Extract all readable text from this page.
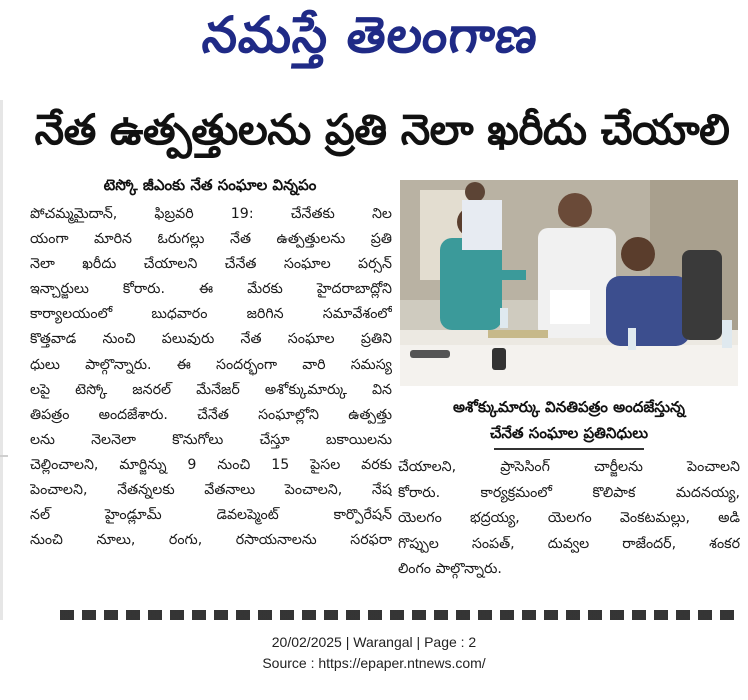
నమస్తే తెలంగాణ
నేత ఉత్పత్తులను ప్రతి నెలా ఖరీదు చేయాలి
టెస్కో జీఎంకు నేత సంఘాల విన్నపం
పోచమ్మమైదాన్, ఫిబ్రవరి 19: చేనేతకు నిల
యంగా మారిన ఓరుగల్లు నేత ఉత్పత్తులను ప్రతి
నెలా ఖరీదు చేయాలని చేనేత సంఘాల పర్సన్
ఇన్చార్జులు కోరారు. ఈ మేరకు హైదరాబాద్లోని
కార్యాలయంలో బుధవారం జరిగిన సమావేశంలో
కొత్తవాడ నుంచి పలువురు నేత సంఘాల ప్రతిని
ధులు పాల్గొన్నారు. ఈ సందర్భంగా వారి సమస్య
లపై టెస్కో జనరల్ మేనేజర్ అశోక్కుమార్కు విన
తిపత్రం అందజేశారు. చేనేత సంఘాల్లోని ఉత్పత్తు
లను నెలనెలా కొనుగోలు చేస్తూ బకాయిలను
చెల్లించాలని, మార్జిన్ను 9 నుంచి 15 పైసల వరకు
పెంచాలని, నేతన్నలకు వేతనాలు పెంచాలని, నేష
నల్ హైండ్లూమ్ డెవలప్మెంట్ కార్పొరేషన్
నుంచి నూలు, రంగు, రసాయనాలను సరఫరా
అశోక్కుమార్కు వినతిపత్రం అందజేస్తున్న
చేనేత సంఘాల ప్రతినిధులు
చేయాలని, ప్రాసెసింగ్ చార్జీలను పెంచాలని
కోరారు. కార్యక్రమంలో కొలిపాక మదనయ్య,
యెలగం భద్రయ్య, యెలగం వెంకటమల్లు, అడి
గొప్పుల సంపత్, దువ్వల రాజేందర్, శంకర
లింగం పాల్గొన్నారు.
20/02/2025 | Warangal | Page : 2
Source : https://epaper.ntnews.com/
